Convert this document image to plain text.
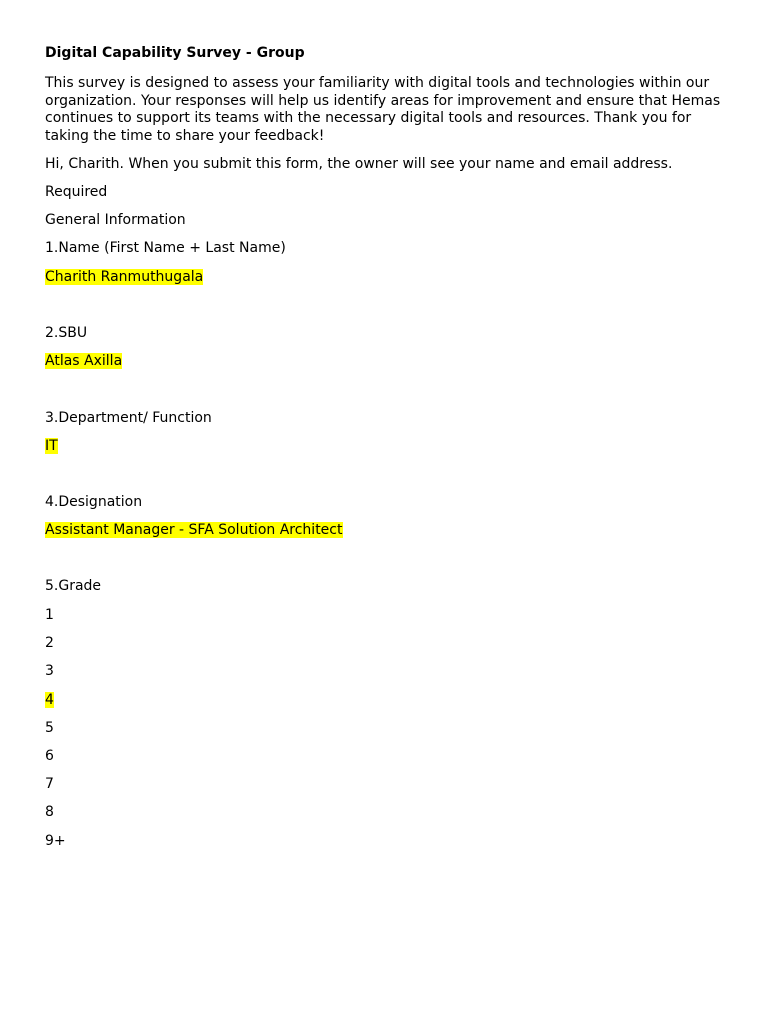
Digital Capability Survey - Group
This survey is designed to assess your familiarity with digital tools and technologies within our organization. Your responses will help us identify areas for improvement and ensure that Hemas continues to support its teams with the necessary digital tools and resources. Thank you for taking the time to share your feedback!
Hi, Charith. When you submit this form, the owner will see your name and email address.
Required
General Information
1.Name (First Name + Last Name)
Charith Ranmuthugala
2.SBU
Atlas Axilla
3.Department/ Function
IT
4.Designation
Assistant Manager - SFA Solution Architect
5.Grade
1
2
3
4
5
6
7
8
9+
